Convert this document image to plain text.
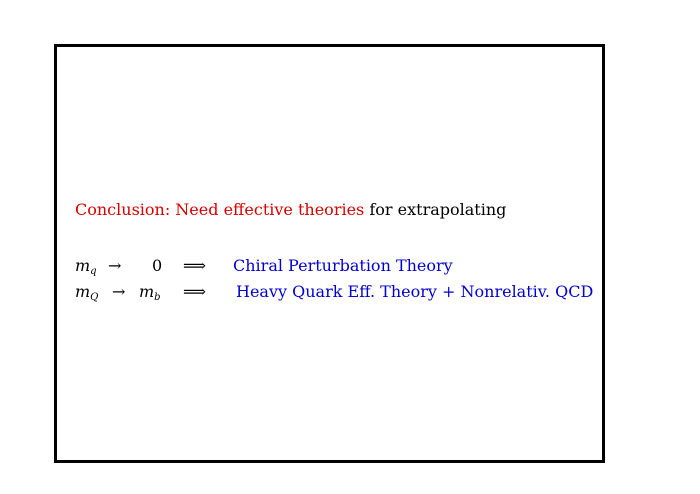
Conclusion: Need effective theories for extrapolating
$m_q \to 0$ ⟹ Chiral Perturbation Theory
$m_Q \to m_b$ ⟹ Heavy Quark Eff. Theory + Nonrelativ. QCD
